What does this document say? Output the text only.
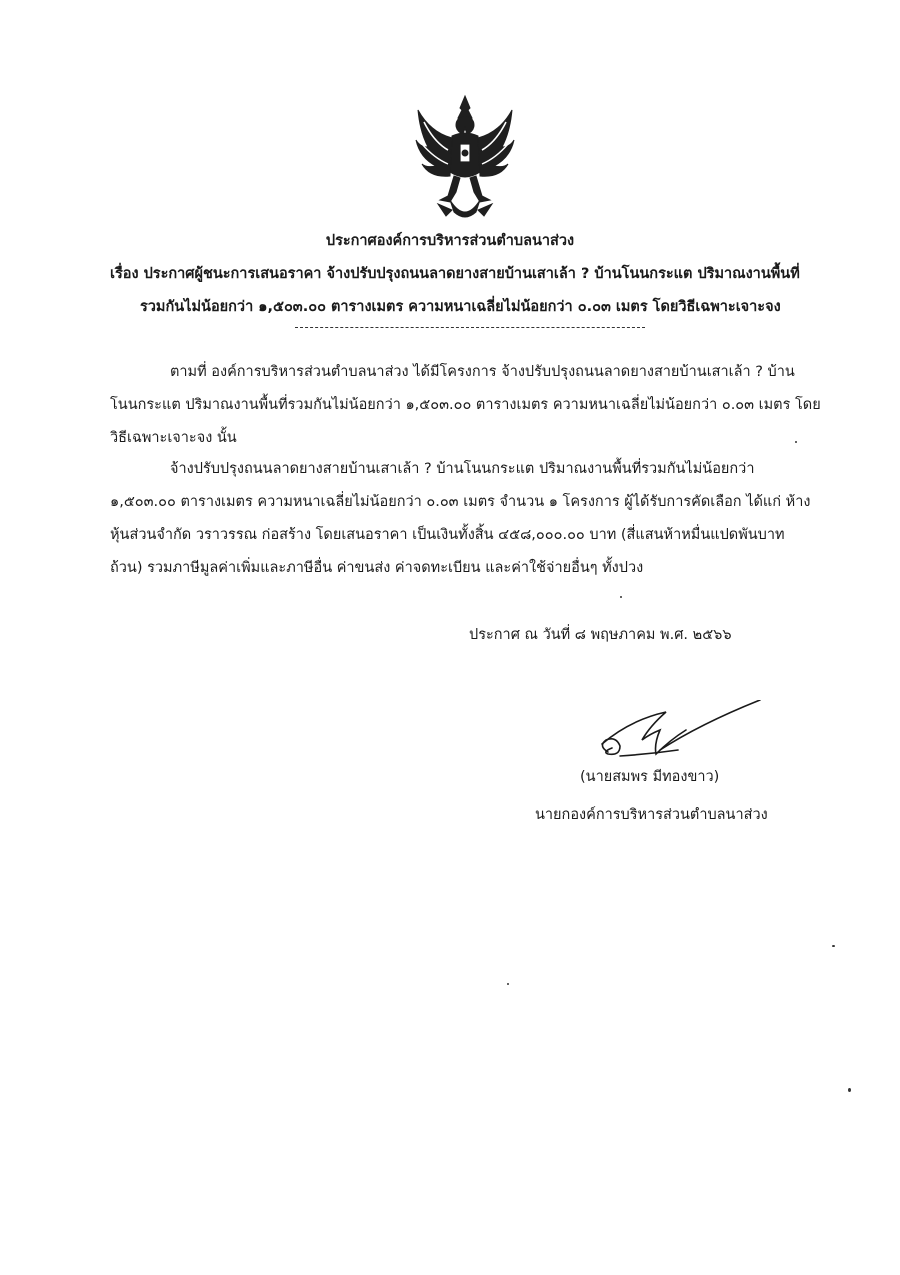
ประกาศองค์การบริหารส่วนตำบลนาส่วง
เรื่อง ประกาศผู้ชนะการเสนอราคา จ้างปรับปรุงถนนลาดยางสายบ้านเสาเล้า ? บ้านโนนกระแต ปริมาณงานพื้นที่
รวมกันไม่น้อยกว่า ๑,๕๐๓.๐๐ ตารางเมตร ความหนาเฉลี่ยไม่น้อยกว่า ๐.๐๓ เมตร โดยวิธีเฉพาะเจาะจง
ตามที่ องค์การบริหารส่วนตำบลนาส่วง ได้มีโครงการ จ้างปรับปรุงถนนลาดยางสายบ้านเสาเล้า ? บ้าน
โนนกระแต ปริมาณงานพื้นที่รวมกันไม่น้อยกว่า ๑,๕๐๓.๐๐ ตารางเมตร ความหนาเฉลี่ยไม่น้อยกว่า ๐.๐๓ เมตร โดย
วิธีเฉพาะเจาะจง นั้น
จ้างปรับปรุงถนนลาดยางสายบ้านเสาเล้า ? บ้านโนนกระแต ปริมาณงานพื้นที่รวมกันไม่น้อยกว่า
๑,๕๐๓.๐๐ ตารางเมตร ความหนาเฉลี่ยไม่น้อยกว่า ๐.๐๓ เมตร จำนวน ๑ โครงการ ผู้ได้รับการคัดเลือก ได้แก่ ห้าง
หุ้นส่วนจำกัด วราวรรณ ก่อสร้าง โดยเสนอราคา เป็นเงินทั้งสิ้น ๔๕๘,๐๐๐.๐๐ บาท (สี่แสนห้าหมื่นแปดพันบาท
ถ้วน) รวมภาษีมูลค่าเพิ่มและภาษีอื่น ค่าขนส่ง ค่าจดทะเบียน และค่าใช้จ่ายอื่นๆ ทั้งปวง
ประกาศ ณ วันที่ ๘ พฤษภาคม พ.ศ. ๒๕๖๖
(นายสมพร มีทองขาว)
นายกองค์การบริหารส่วนตำบลนาส่วง
